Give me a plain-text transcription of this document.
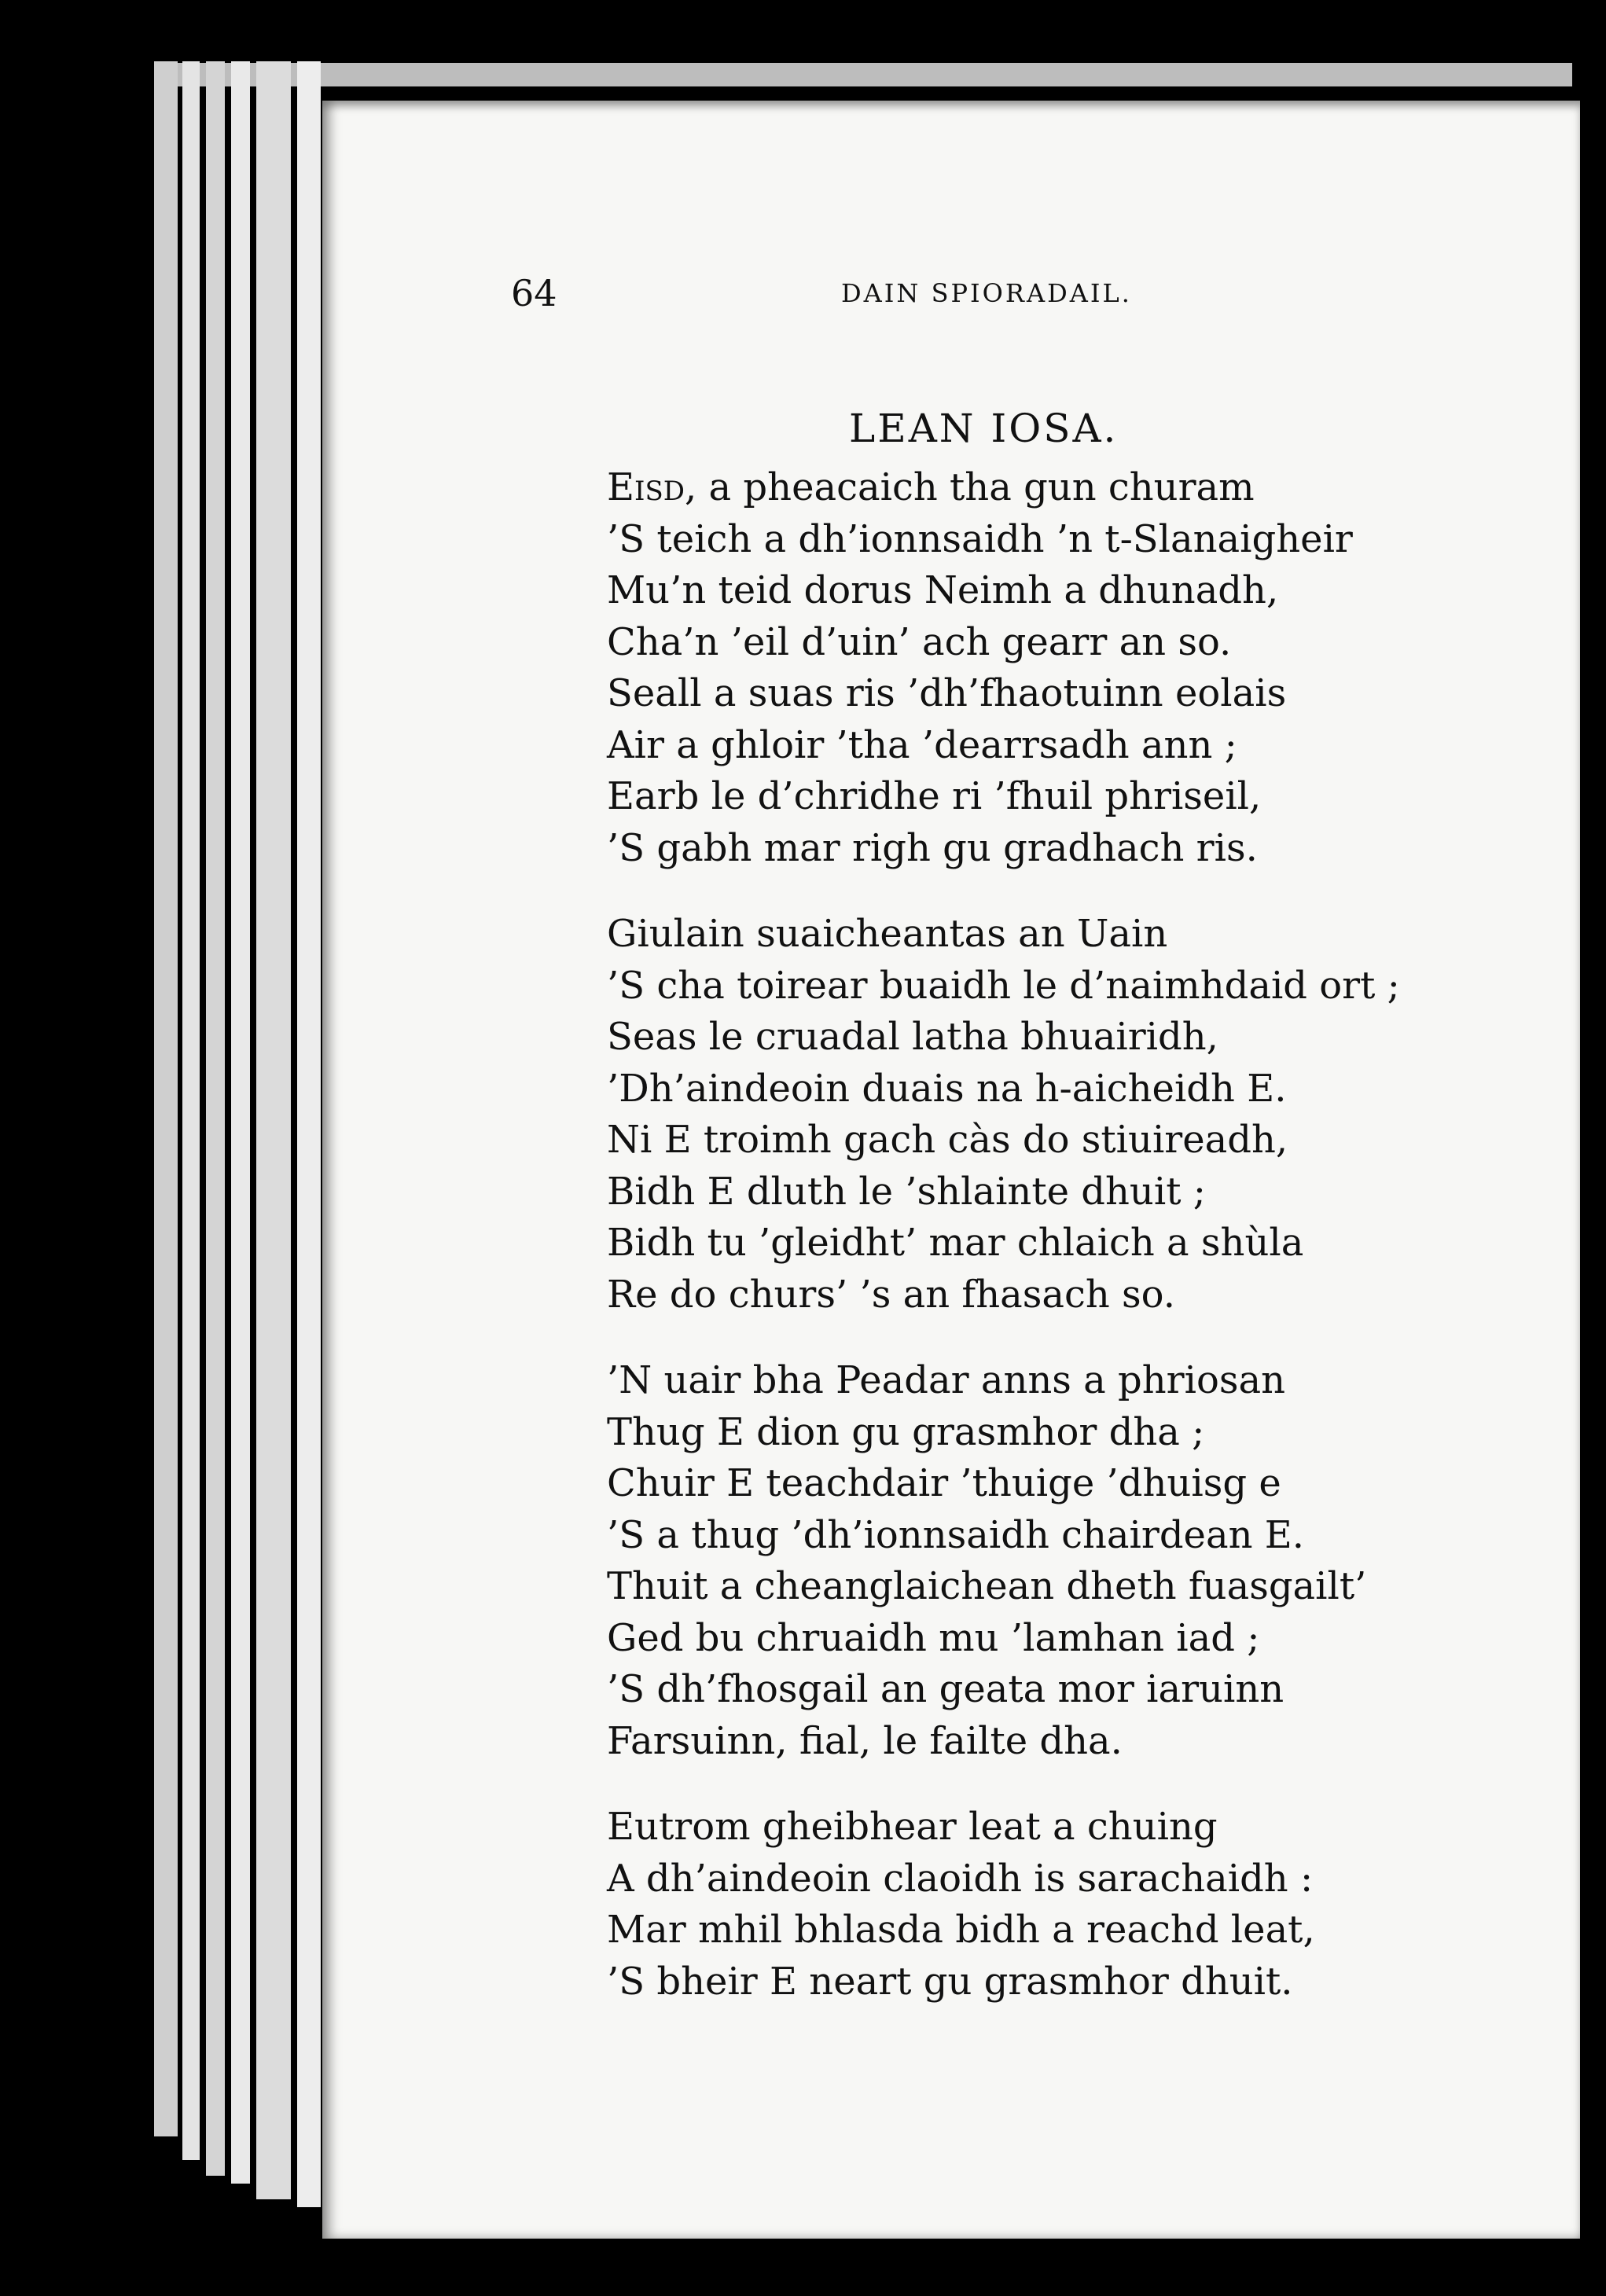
64	DAIN SPIORADAIL.
LEAN IOSA.
Eisd, a pheacaich tha gun churam
’S teich a dh’ionnsaidh ’n t-Slanaigheir
Mu’n teid dorus Neimh a dhunadh,
Cha’n ’eil d’uin’ ach gearr an so.
Seall a suas ris ’dh’fhaotuinn eolais
Air a ghloir ’tha ’dearrsadh ann ;
Earb le d’chridhe ri ’fhuil phriseil,
’S gabh mar righ gu gradhach ris.
Giulain suaicheantas an Uain
’S cha toirear buaidh le d’naimhdaid ort ;
Seas le cruadal latha bhuairidh,
’Dh’aindeoin duais na h-aicheidh E.
Ni E troimh gach càs do stiuireadh,
Bidh E dluth le ’shlainte dhuit ;
Bidh tu ’gleidht’ mar chlaich a shùla
Re do churs’ ’s an fhasach so.
’N uair bha Peadar anns a phriosan
Thug E dion gu grasmhor dha ;
Chuir E teachdair ’thuige ’dhuisg e
’S a thug ’dh’ionnsaidh chairdean E.
Thuit a cheanglaichean dheth fuasgailt’
Ged bu chruaidh mu ’lamhan iad ;
’S dh’fhosgail an geata mor iaruinn
Farsuinn, fial, le failte dha.
Eutrom gheibhear leat a chuing
A dh’aindeoin claoidh is sarachaidh :
Mar mhil bhlasda bidh a reachd leat,
’S bheir E neart gu grasmhor dhuit.
